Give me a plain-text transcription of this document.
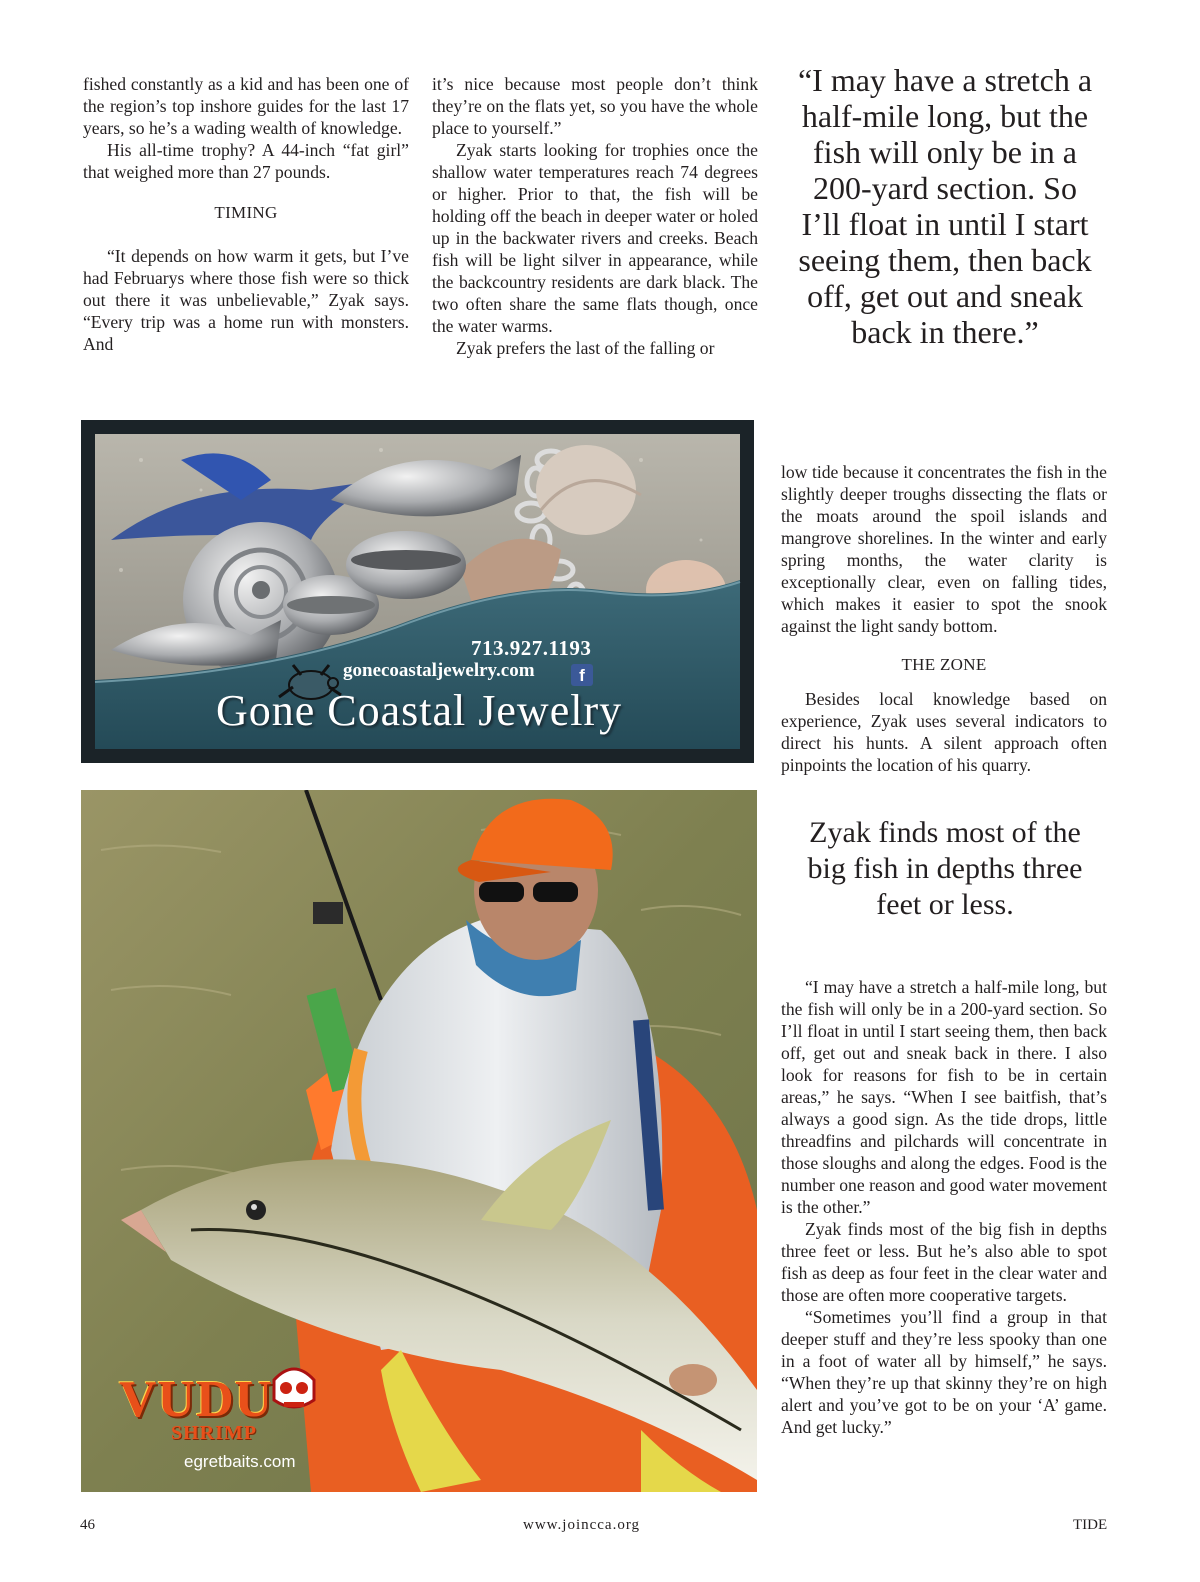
fished constantly as a kid and has been one of the region’s top inshore guides for the last 17 years, so he’s a wading wealth of knowledge.

His all-time trophy? A 44-inch “fat girl” that weighed more than 27 pounds.

TIMING

“It depends on how warm it gets, but I’ve had Februarys where those fish were so thick out there it was unbelievable,” Zyak says. “Every trip was a home run with monsters. And

it’s nice because most people don’t think they’re on the flats yet, so you have the whole place to yourself.”

Zyak starts looking for trophies once the shallow water temperatures reach 74 degrees or higher. Prior to that, the fish will be holding off the beach in deeper water or holed up in the backwater rivers and creeks. Beach fish will be light silver in appearance, while the backcountry residents are dark black. The two often share the same flats though, once the water warms.

Zyak prefers the last of the falling or

“I may have a stretch a half-mile long, but the fish will only be in a 200-yard section. So I’ll float in until I start seeing them, then back off, get out and sneak back in there.”

low tide because it concentrates the fish in the slightly deeper troughs dissecting the flats or the moats around the spoil islands and mangrove shorelines. In the winter and early spring months, the water clarity is exceptionally clear, even on falling tides, which makes it easier to spot the snook against the light sandy bottom.

THE ZONE

Besides local knowledge based on experience, Zyak uses several indicators to direct his hunts. A silent approach often pinpoints the location of his quarry.

Zyak finds most of the big fish in depths three feet or less.

“I may have a stretch a half-mile long, but the fish will only be in a 200-yard section. So I’ll float in until I start seeing them, then back off, get out and sneak back in there. I also look for reasons for fish to be in certain areas,” he says. “When I see baitfish, that’s always a good sign. As the tide drops, little threadfins and pilchards will concentrate in those sloughs and along the edges. Food is the number one reason and good water movement is the other.”

Zyak finds most of the big fish in depths three feet or less. But he’s also able to spot fish as deep as four feet in the clear water and those are often more cooperative targets.

“Sometimes you’ll find a group in that deeper stuff and they’re less spooky than one in a foot of water all by himself,” he says. “When they’re up that skinny they’re on high alert and you’ve got to be on your ‘A’ game. And get lucky.”

713.927.1193
gonecoastaljewelry.com	f
Gone Coastal Jewelry
VUDU
SHRIMP
egretbaits.com
46	www.joincca.org	TIDE
